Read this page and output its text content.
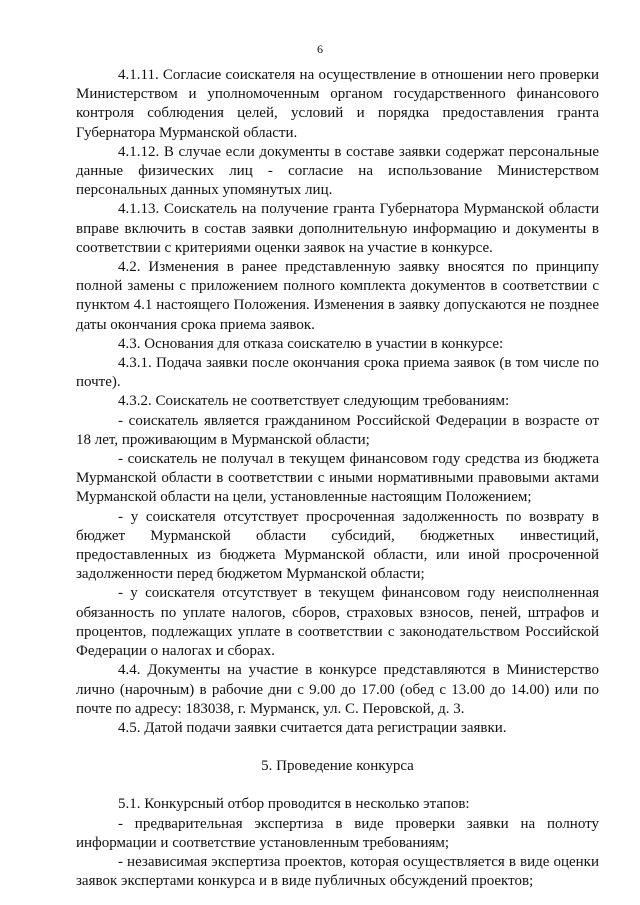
6

4.1.11. Согласие соискателя на осуществление в отношении него проверки Министерством и уполномоченным органом государственного финансового контроля соблюдения целей, условий и порядка предоставления гранта Губернатора Мурманской области.

4.1.12. В случае если документы в составе заявки содержат персональные данные физических лиц - согласие на использование Министерством персональных данных упомянутых лиц.

4.1.13. Соискатель на получение гранта Губернатора Мурманской области вправе включить в состав заявки дополнительную информацию и документы в соответствии с критериями оценки заявок на участие в конкурсе.

4.2. Изменения в ранее представленную заявку вносятся по принципу полной замены с приложением полного комплекта документов в соответствии с пунктом 4.1 настоящего Положения. Изменения в заявку допускаются не позднее даты окончания срока приема заявок.

4.3. Основания для отказа соискателю в участии в конкурсе:

4.3.1. Подача заявки после окончания срока приема заявок (в том числе по почте).

4.3.2. Соискатель не соответствует следующим требованиям:

- соискатель является гражданином Российской Федерации в возрасте от 18 лет, проживающим в Мурманской области;

- соискатель не получал в текущем финансовом году средства из бюджета Мурманской области в соответствии с иными нормативными правовыми актами Мурманской области на цели, установленные настоящим Положением;

- у соискателя отсутствует просроченная задолженность по возврату в бюджет Мурманской области субсидий, бюджетных инвестиций, предоставленных из бюджета Мурманской области, или иной просроченной задолженности перед бюджетом Мурманской области;

- у соискателя отсутствует в текущем финансовом году неисполненная обязанность по уплате налогов, сборов, страховых взносов, пеней, штрафов и процентов, подлежащих уплате в соответствии с законодательством Российской Федерации о налогах и сборах.

4.4. Документы на участие в конкурсе представляются в Министерство лично (нарочным) в рабочие дни с 9.00 до 17.00 (обед с 13.00 до 14.00) или по почте по адресу: 183038, г. Мурманск, ул. С. Перовской, д. 3.

4.5. Датой подачи заявки считается дата регистрации заявки.

5. Проведение конкурса

5.1. Конкурсный отбор проводится в несколько этапов:

- предварительная экспертиза в виде проверки заявки на полноту информации и соответствие установленным требованиям;

- независимая экспертиза проектов, которая осуществляется в виде оценки заявок экспертами конкурса и в виде публичных обсуждений проектов;
